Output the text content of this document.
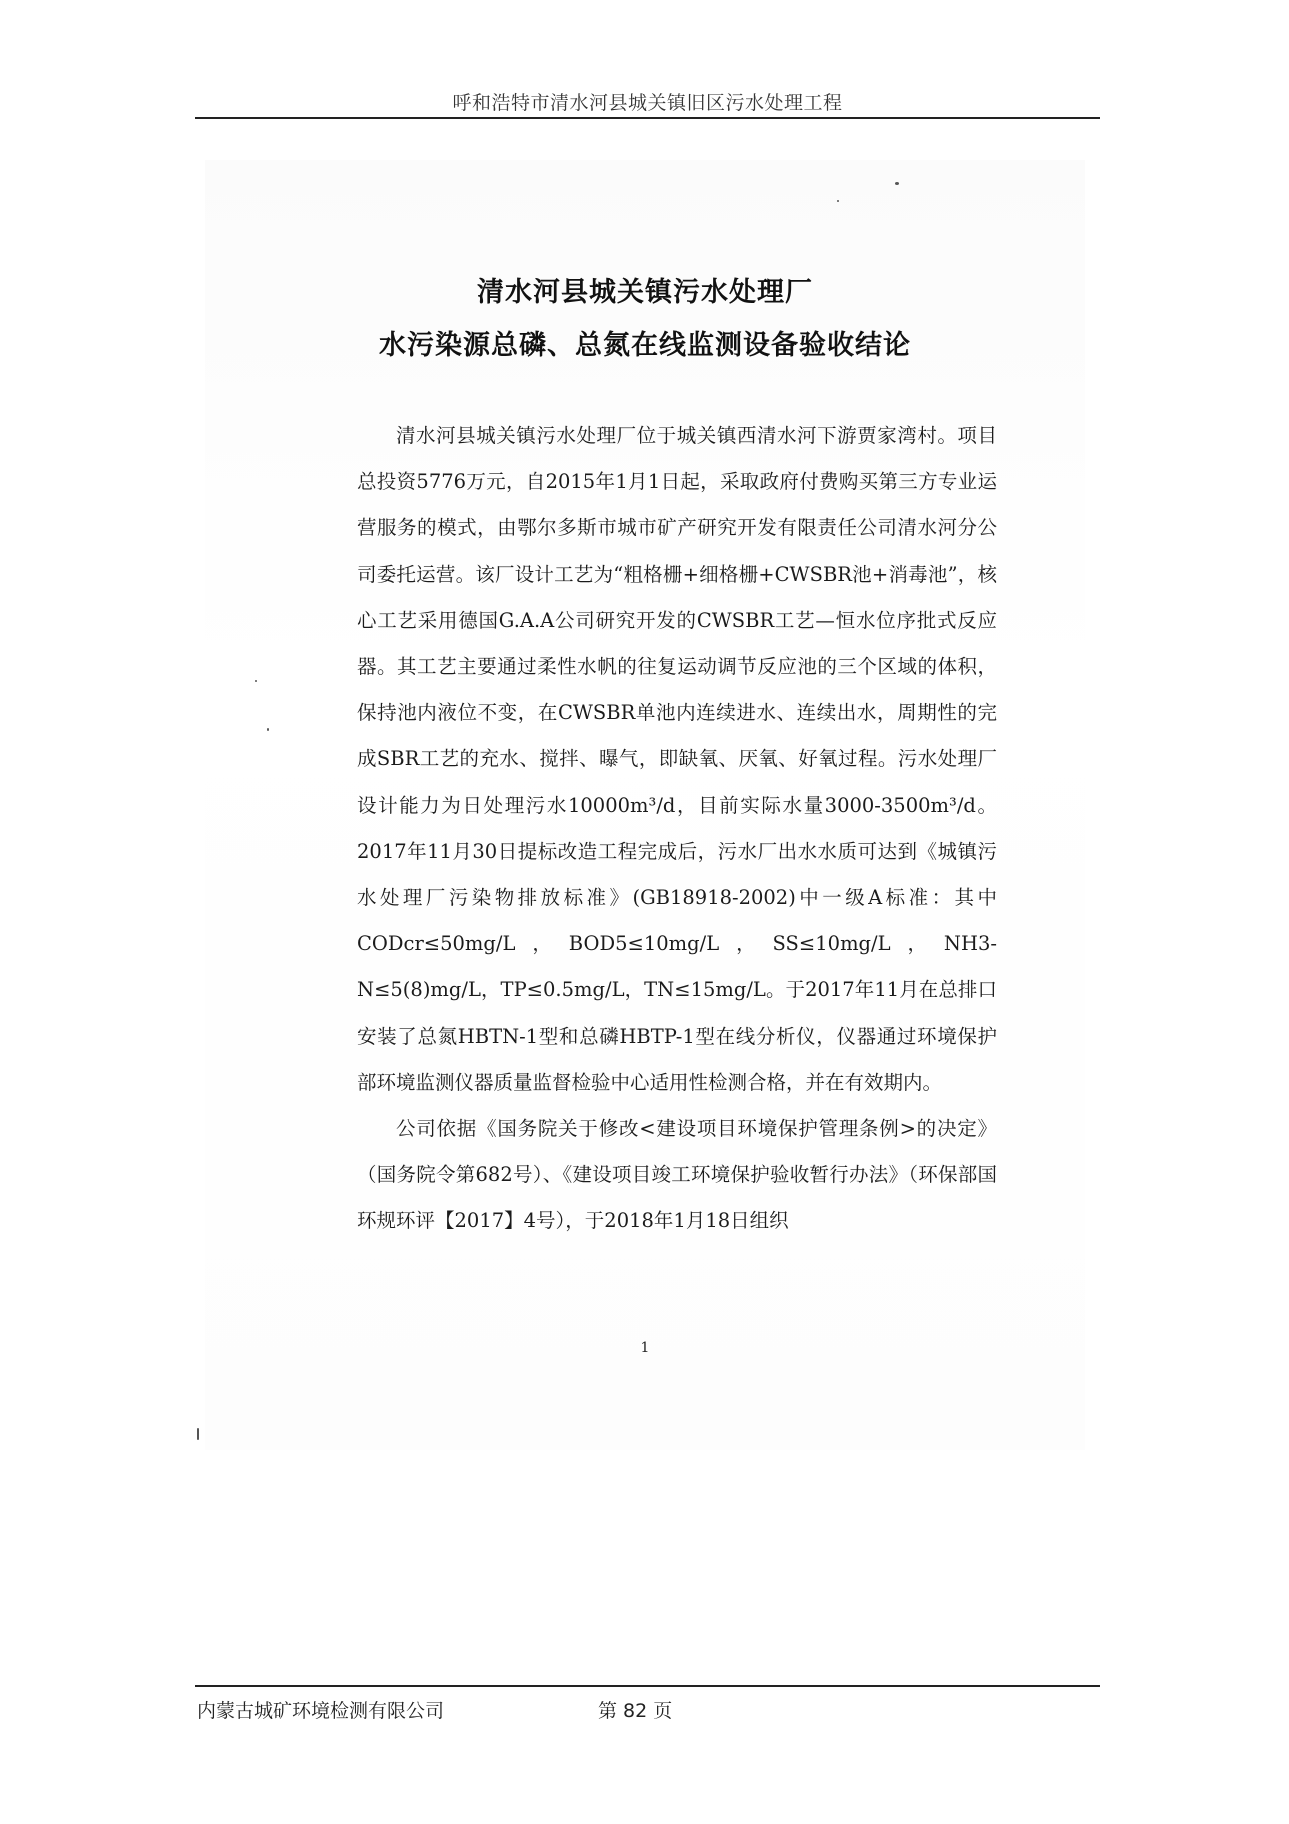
呼和浩特市清水河县城关镇旧区污水处理工程
清水河县城关镇污水处理厂
水污染源总磷、总氮在线监测设备验收结论

清水河县城关镇污水处理厂位于城关镇西清水河下游贾家湾村。项目总投资5776万元，自2015年1月1日起，采取政府付费购买第三方专业运营服务的模式，由鄂尔多斯市城市矿产研究开发有限责任公司清水河分公司委托运营。该厂设计工艺为“粗格栅+细格栅+CWSBR池+消毒池”，核心工艺采用德国G.A.A公司研究开发的CWSBR工艺—恒水位序批式反应器。其工艺主要通过柔性水帆的往复运动调节反应池的三个区域的体积，保持池内液位不变，在CWSBR单池内连续进水、连续出水，周期性的完成SBR工艺的充水、搅拌、曝气，即缺氧、厌氧、好氧过程。污水处理厂设计能力为日处理污水10000m³/d，目前实际水量3000-3500m³/d。2017年11月30日提标改造工程完成后，污水厂出水水质可达到《城镇污水处理厂污染物排放标准》(GB18918-2002)中一级A标准：其中CODcr≤50mg/L，BOD5≤10mg/L，SS≤10mg/L，NH3-N≤5(8)mg/L，TP≤0.5mg/L，TN≤15mg/L。于2017年11月在总排口安装了总氮HBTN-1型和总磷HBTP-1型在线分析仪，仪器通过环境保护部环境监测仪器质量监督检验中心适用性检测合格，并在有效期内。

公司依据《国务院关于修改<建设项目环境保护管理条例>的决定》（国务院令第682号）、《建设项目竣工环境保护验收暂行办法》（环保部国环规环评【2017】4号），于2018年1月18日组织

1
内蒙古城矿环境检测有限公司	第 82 页
